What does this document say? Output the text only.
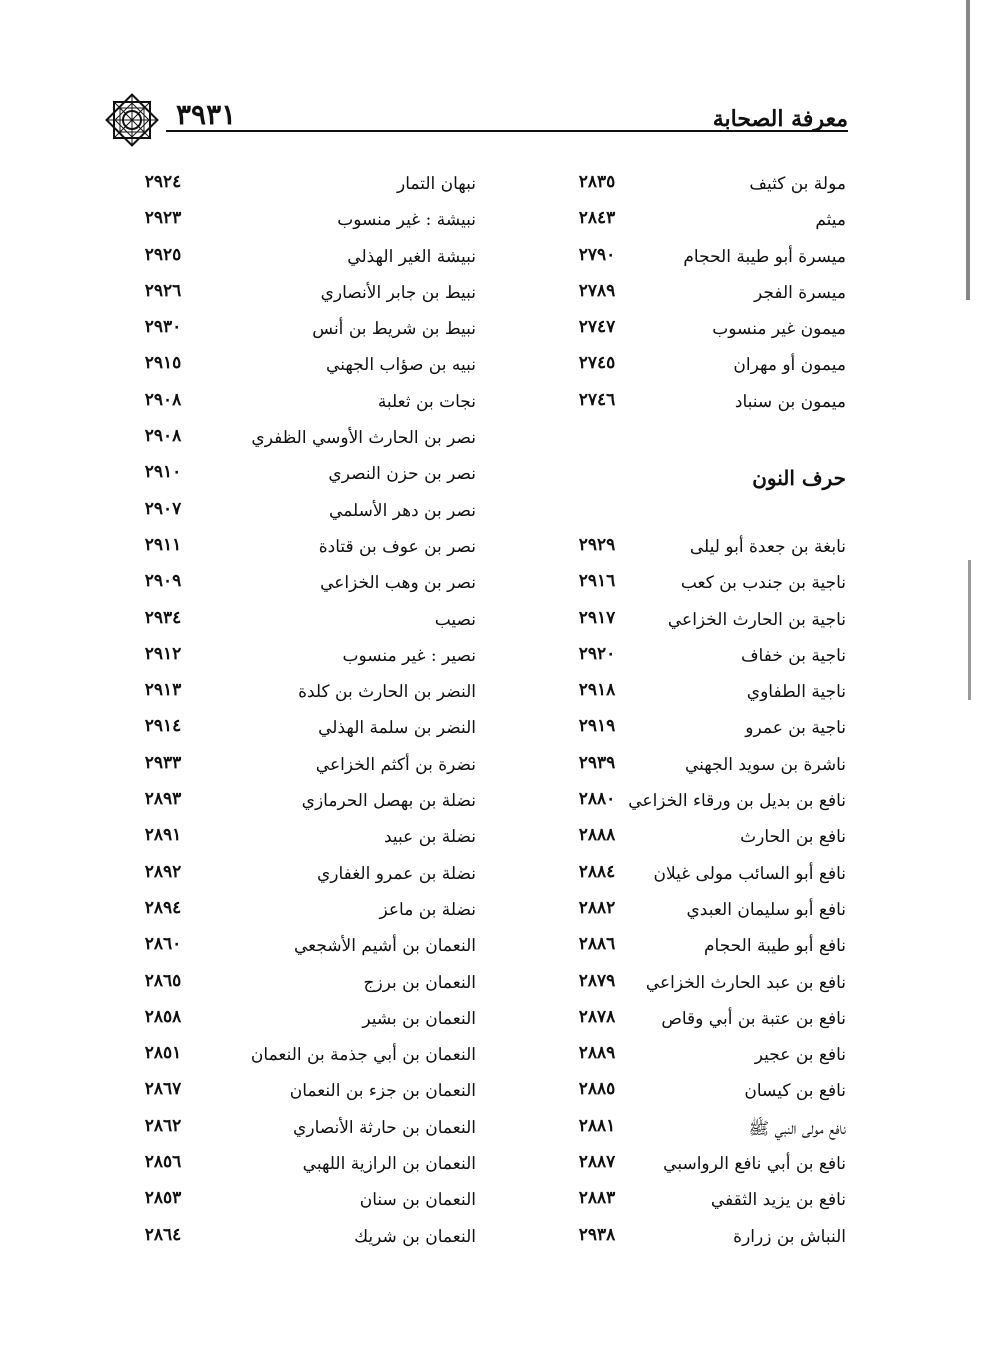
٣٩٣١	معرفة الصحابة
مولة بن كثيف
٢٨٣٥
ميثم
٢٨٤٣
ميسرة أبو طيبة الحجام
٢٧٩٠
ميسرة الفجر
٢٧٨٩
ميمون غير منسوب
٢٧٤٧
ميمون أو مهران
٢٧٤٥
ميمون بن سنباد
٢٧٤٦
حرف النون
نابغة بن جعدة أبو ليلى
٢٩٢٩
ناجية بن جندب بن كعب
٢٩١٦
ناجية بن الحارث الخزاعي
٢٩١٧
ناجية بن خفاف
٢٩٢٠
ناجية الطفاوي
٢٩١٨
ناجية بن عمرو
٢٩١٩
ناشرة بن سويد الجهني
٢٩٣٩
نافع بن بديل بن ورقاء الخزاعي
٢٨٨٠
نافع بن الحارث
٢٨٨٨
نافع أبو السائب مولى غيلان
٢٨٨٤
نافع أبو سليمان العبدي
٢٨٨٢
نافع أبو طيبة الحجام
٢٨٨٦
نافع بن عبد الحارث الخزاعي
٢٨٧٩
نافع بن عتبة بن أبي وقاص
٢٨٧٨
نافع بن عجير
٢٨٨٩
نافع بن كيسان
٢٨٨٥
نافع مولى النبي ﷺ
٢٨٨١
نافع بن أبي نافع الرواسبي
٢٨٨٧
نافع بن يزيد الثقفي
٢٨٨٣
النباش بن زرارة
٢٩٣٨
نبهان التمار
٢٩٢٤
نبيشة : غير منسوب
٢٩٢٣
نبيشة الغير الهذلي
٢٩٢٥
نبيط بن جابر الأنصاري
٢٩٢٦
نبيط بن شريط بن أنس
٢٩٣٠
نبيه بن صؤاب الجهني
٢٩١٥
نجات بن ثعلبة
٢٩٠٨
نصر بن الحارث الأوسي الظفري
٢٩٠٨
نصر بن حزن النصري
٢٩١٠
نصر بن دهر الأسلمي
٢٩٠٧
نصر بن عوف بن قتادة
٢٩١١
نصر بن وهب الخزاعي
٢٩٠٩
نصيب
٢٩٣٤
نصير : غير منسوب
٢٩١٢
النضر بن الحارث بن كلدة
٢٩١٣
النضر بن سلمة الهذلي
٢٩١٤
نضرة بن أكثم الخزاعي
٢٩٣٣
نضلة بن بهصل الحرمازي
٢٨٩٣
نضلة بن عبيد
٢٨٩١
نضلة بن عمرو الغفاري
٢٨٩٢
نضلة بن ماعز
٢٨٩٤
النعمان بن أشيم الأشجعي
٢٨٦٠
النعمان بن برزج
٢٨٦٥
النعمان بن بشير
٢٨٥٨
النعمان بن أبي جذمة بن النعمان
٢٨٥١
النعمان بن جزء بن النعمان
٢٨٦٧
النعمان بن حارثة الأنصاري
٢٨٦٢
النعمان بن الرازية اللهبي
٢٨٥٦
النعمان بن سنان
٢٨٥٣
النعمان بن شريك
٢٨٦٤
